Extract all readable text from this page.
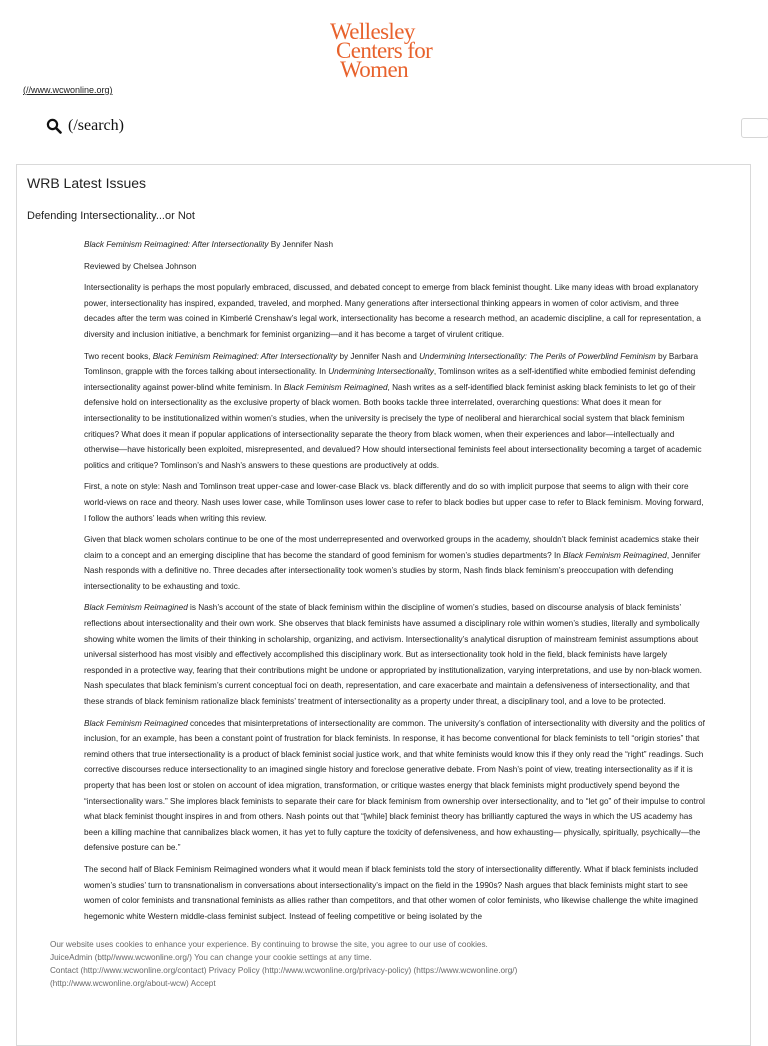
Wellesley
Centers for
Women
(//www.wcwonline.org)
(/search)
WRB Latest Issues
Defending Intersectionality...or Not

Black Feminism Reimagined: After Intersectionality By Jennifer Nash

Reviewed by Chelsea Johnson

Intersectionality is perhaps the most popularly embraced, discussed, and debated concept to emerge from black feminist thought. Like many ideas with broad explanatory power, intersectionality has inspired, expanded, traveled, and morphed. Many generations after intersectional thinking appears in women of color activism, and three decades after the term was coined in Kimberlé Crenshaw’s legal work, intersectionality has become a research method, an academic discipline, a call for representation, a diversity and inclusion initiative, a benchmark for feminist organizing—and it has become a target of virulent critique.

Two recent books, Black Feminism Reimagined: After Intersectionality by Jennifer Nash and Undermining Intersectionality: The Perils of Powerblind Feminism by Barbara Tomlinson, grapple with the forces talking about intersectionality. In Undermining Intersectionality, Tomlinson writes as a self-identified white embodied feminist defending intersectionality against power-blind white feminism. In Black Feminism Reimagined, Nash writes as a self-identified black feminist asking black feminists to let go of their defensive hold on intersectionality as the exclusive property of black women. Both books tackle three interrelated, overarching questions: What does it mean for intersectionality to be institutionalized within women’s studies, when the university is precisely the type of neoliberal and hierarchical social system that black feminism critiques? What does it mean if popular applications of intersectionality separate the theory from black women, when their experiences and labor—intellectually and otherwise—have historically been exploited, misrepresented, and devalued? How should intersectional feminists feel about intersectionality becoming a target of academic politics and critique? Tomlinson’s and Nash’s answers to these questions are productively at odds.

First, a note on style: Nash and Tomlinson treat upper-case and lower-case Black vs. black differently and do so with implicit purpose that seems to align with their core world-views on race and theory. Nash uses lower case, while Tomlinson uses lower case to refer to black bodies but upper case to refer to Black feminism. Moving forward, I follow the authors’ leads when writing this review.

Given that black women scholars continue to be one of the most underrepresented and overworked groups in the academy, shouldn’t black feminist academics stake their claim to a concept and an emerging discipline that has become the standard of good feminism for women’s studies departments? In Black Feminism Reimagined, Jennifer Nash responds with a definitive no. Three decades after intersectionality took women’s studies by storm, Nash finds black feminism’s preoccupation with defending intersectionality to be exhausting and toxic.

Black Feminism Reimagined is Nash’s account of the state of black feminism within the discipline of women’s studies, based on discourse analysis of black feminists’ reflections about intersectionality and their own work. She observes that black feminists have assumed a disciplinary role within women’s studies, literally and symbolically showing white women the limits of their thinking in scholarship, organizing, and activism. Intersectionality’s analytical disruption of mainstream feminist assumptions about universal sisterhood has most visibly and effectively accomplished this disciplinary work. But as intersectionality took hold in the field, black feminists have largely responded in a protective way, fearing that their contributions might be undone or appropriated by institutionalization, varying interpretations, and use by non-black women. Nash speculates that black feminism’s current conceptual foci on death, representation, and care exacerbate and maintain a defensiveness of intersectionality, and that these strands of black feminism rationalize black feminists’ treatment of intersectionality as a property under threat, a disciplinary tool, and a love to be protected.

Black Feminism Reimagined concedes that misinterpretations of intersectionality are common. The university’s conflation of intersectionality with diversity and the politics of inclusion, for an example, has been a constant point of frustration for black feminists. In response, it has become conventional for black feminists to tell “origin stories” that remind others that true intersectionality is a product of black feminist social justice work, and that white feminists would know this if they only read the “right” readings. Such corrective discourses reduce intersectionality to an imagined single history and foreclose generative debate. From Nash’s point of view, treating intersectionality as if it is property that has been lost or stolen on account of idea migration, transformation, or critique wastes energy that black feminists might productively spend beyond the “intersectionality wars.” She implores black feminists to separate their care for black feminism from ownership over intersectionality, and to “let go” of their impulse to control what black feminist thought inspires in and from others. Nash points out that “[while] black feminist theory has brilliantly captured the ways in which the US academy has been a killing machine that cannibalizes black women, it has yet to fully capture the toxicity of defensiveness, and how exhausting— physically, spiritually, psychically—the defensive posture can be.”

The second half of Black Feminism Reimagined wonders what it would mean if black feminists told the story of intersectionality differently. What if black feminists included women’s studies’ turn to transnationalism in conversations about intersectionality’s impact on the field in the 1990s? Nash argues that black feminists might start to see women of color feminists and transnational feminists as allies rather than competitors, and that other women of color feminists, who likewise challenge the white imagined hegemonic white Western middle-class feminist subject. Instead of feeling competitive or being isolated by the

Our website uses cookies to enhance your experience. By continuing to browse the site, you agree to our use of cookies.
JuiceAdmin (bttp//www.wcwonline.org/) You can change your cookie settings at any time.
Contact (http://www.wcwonline.org/contact) Privacy Policy (http://www.wcwonline.org/privacy-policy) (https://www.wcwonline.org/)
(http://www.wcwonline.org/about-wcw) Accept
